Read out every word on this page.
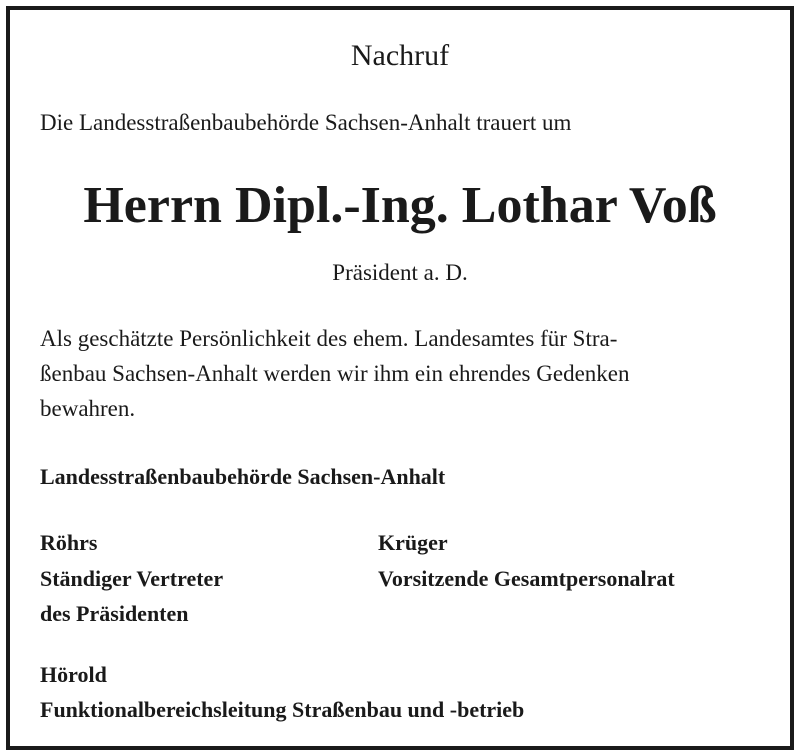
Nachruf
Die Landesstraßenbaubehörde Sachsen-Anhalt trauert um
Herrn Dipl.-Ing. Lothar Voß
Präsident a. D.
Als geschätzte Persönlichkeit des ehem. Landesamtes für Stra-
ßenbau Sachsen-Anhalt werden wir ihm ein ehrendes Gedenken
bewahren.
Landesstraßenbaubehörde Sachsen-Anhalt
Röhrs
Ständiger Vertreter
des Präsidenten
Krüger
Vorsitzende Gesamtpersonalrat
Hörold
Funktionalbereichsleitung Straßenbau und -betrieb
